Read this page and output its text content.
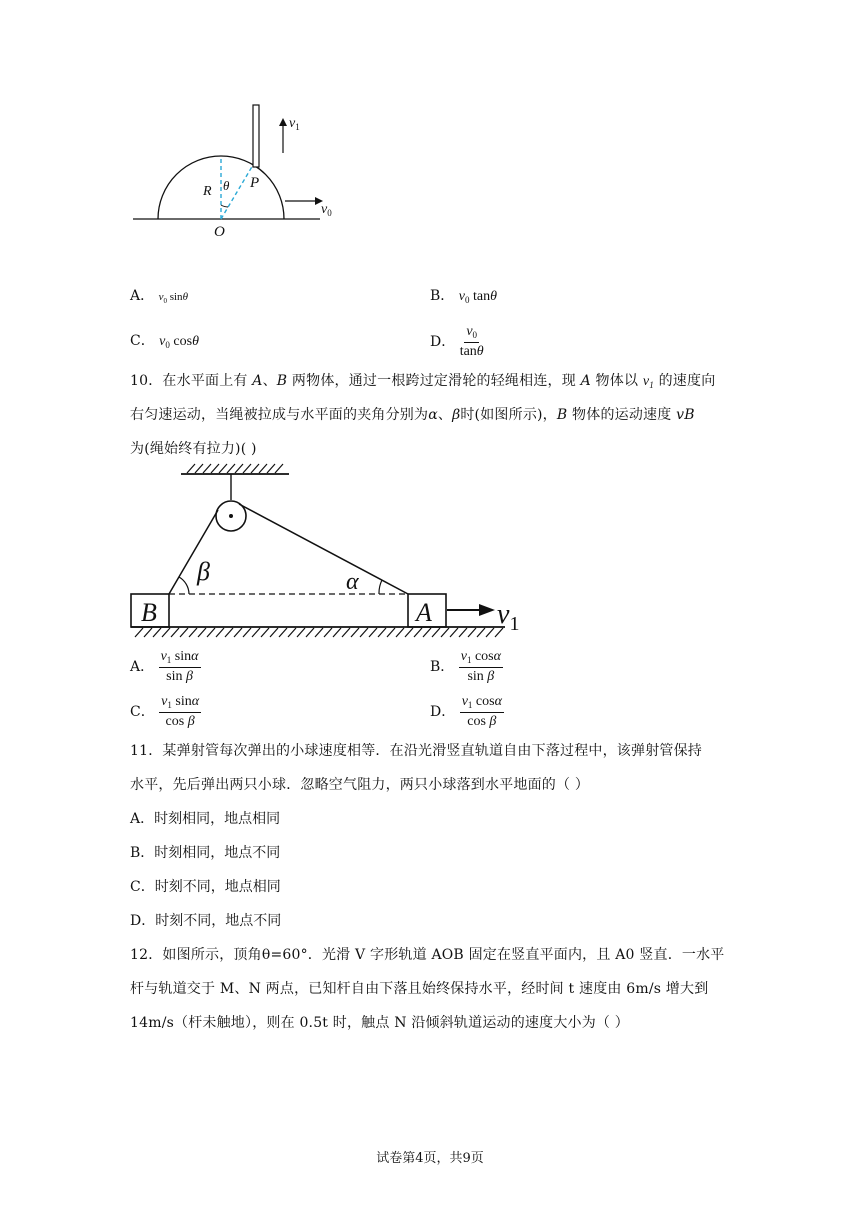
$v_1$
R θ P
O
$v_0$
A． $v_0$ sinθ	B． $v_0$ tanθ
C． $v_0$ cosθ	D． $\frac{v_0}{\tan\theta}$
10．在水平面上有 A、B 两物体，通过一根跨过定滑轮的轻绳相连，现 A 物体以 $v_1$ 的速度向
右匀速运动，当绳被拉成与水平面的夹角分别为α、β时(如图所示)，B 物体的运动速度 vB
为(绳始终有拉力)( )
B	A
β	α
$v_1$
A． $\frac{v_1 \sin\alpha}{\text{sin β}}$	B． $\frac{v_1 \cos\alpha}{\text{sin β}}$
C． $\frac{v_1 \sin\alpha}{\text{cos β}}$	D． $\frac{v_1 \cos\alpha}{\text{cos β}}$
11．某弹射管每次弹出的小球速度相等．在沿光滑竖直轨道自由下落过程中，该弹射管保持
水平，先后弹出两只小球．忽略空气阻力，两只小球落到水平地面的（ ）
A．时刻相同，地点相同
B．时刻相同，地点不同
C．时刻不同，地点相同
D．时刻不同，地点不同
12．如图所示，顶角θ=60°．光滑 V 字形轨道 AOB 固定在竖直平面内，且 A0 竖直．一水平
杆与轨道交于 M、N 两点，已知杆自由下落且始终保持水平，经时间 t 速度由 6m/s 增大到
14m/s（杆未触地），则在 0.5t 时，触点 N 沿倾斜轨道运动的速度大小为（ ）
试卷第4页，共9页
